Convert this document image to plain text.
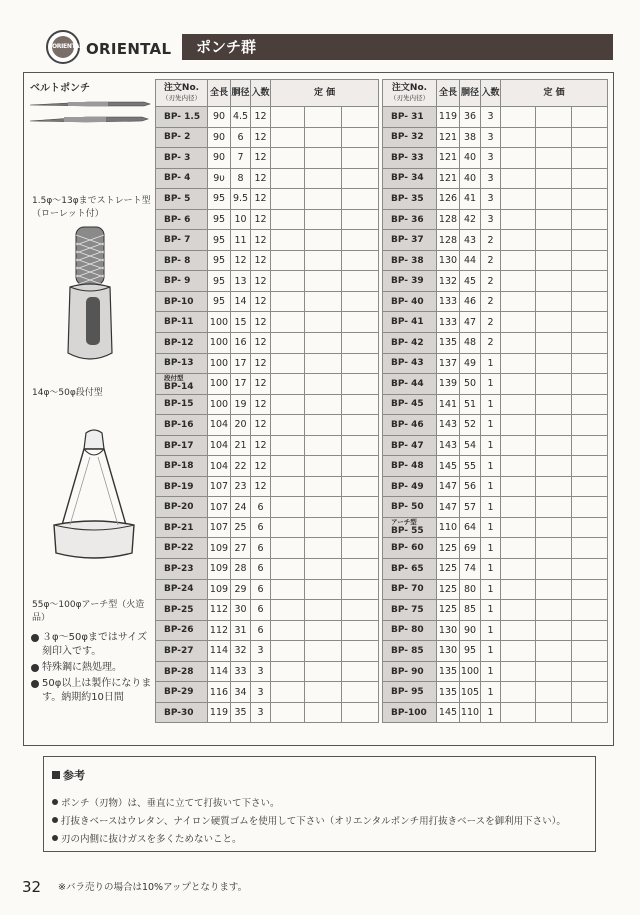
ORIENTAL ORIENTAL	ポンチ群
ベルトポンチ
1.5φ～13φまでストレート型（ローレット付）
14φ～50φ段付型
55φ～100φアーチ型（火造品）
３φ～50φまではサイズ刻印入です。
特殊鋼に熱処理。
50φ以上は製作になります。納期約10日間
注文No.
（刃先内径）	全長	胴径	入数	定 価		
BP- 1.5	90	4.5	12			
BP- 2	90	6	12			
BP- 3	90	7	12			
BP- 4	9υ	8	12			
BP- 5	95	9.5	12			
BP- 6	95	10	12			
BP- 7	95	11	12			
BP- 8	95	12	12			
BP- 9	95	13	12			
BP-10	95	14	12			
BP-11	100	15	12			
BP-12	100	16	12			
BP-13	100	17	12			

段付型
BP-14	100	17	12			
BP-15	100	19	12			
BP-16	104	20	12			
BP-17	104	21	12			
BP-18	104	22	12			
BP-19	107	23	12			
BP-20	107	24	6			
BP-21	107	25	6			
BP-22	109	27	6			
BP-23	109	28	6			
BP-24	109	29	6			
BP-25	112	30	6			
BP-26	112	31	6			
BP-27	114	32	3			
BP-28	114	33	3			
BP-29	116	34	3			
BP-30	119	35	3			
注文No.
（刃先内径）	全長	胴径	入数	定 価		
BP- 31	119	36	3			
BP- 32	121	38	3			
BP- 33	121	40	3			
BP- 34	121	40	3			
BP- 35	126	41	3			
BP- 36	128	42	3			
BP- 37	128	43	2			
BP- 38	130	44	2			
BP- 39	132	45	2			
BP- 40	133	46	2			
BP- 41	133	47	2			
BP- 42	135	48	2			
BP- 43	137	49	1			
BP- 44	139	50	1			
BP- 45	141	51	1			
BP- 46	143	52	1			
BP- 47	143	54	1			
BP- 48	145	55	1			
BP- 49	147	56	1			
BP- 50	147	57	1			

アーチ型
BP- 55	110	64	1			
BP- 60	125	69	1			
BP- 65	125	74	1			
BP- 70	125	80	1			
BP- 75	125	85	1			
BP- 80	130	90	1			
BP- 85	130	95	1			
BP- 90	135	100	1			
BP- 95	135	105	1			
BP-100	145	110	1			
参考
ポンチ（刃物）は、垂直に立てて打抜いて下さい。
打抜きベースはウレタン、ナイロン硬質ゴムを使用して下さい（オリエンタルポンチ用打抜きベースを御利用下さい）。
刃の内側に抜けガスを多くためないこと。
32 ※バラ売りの場合は10%アップとなります。
